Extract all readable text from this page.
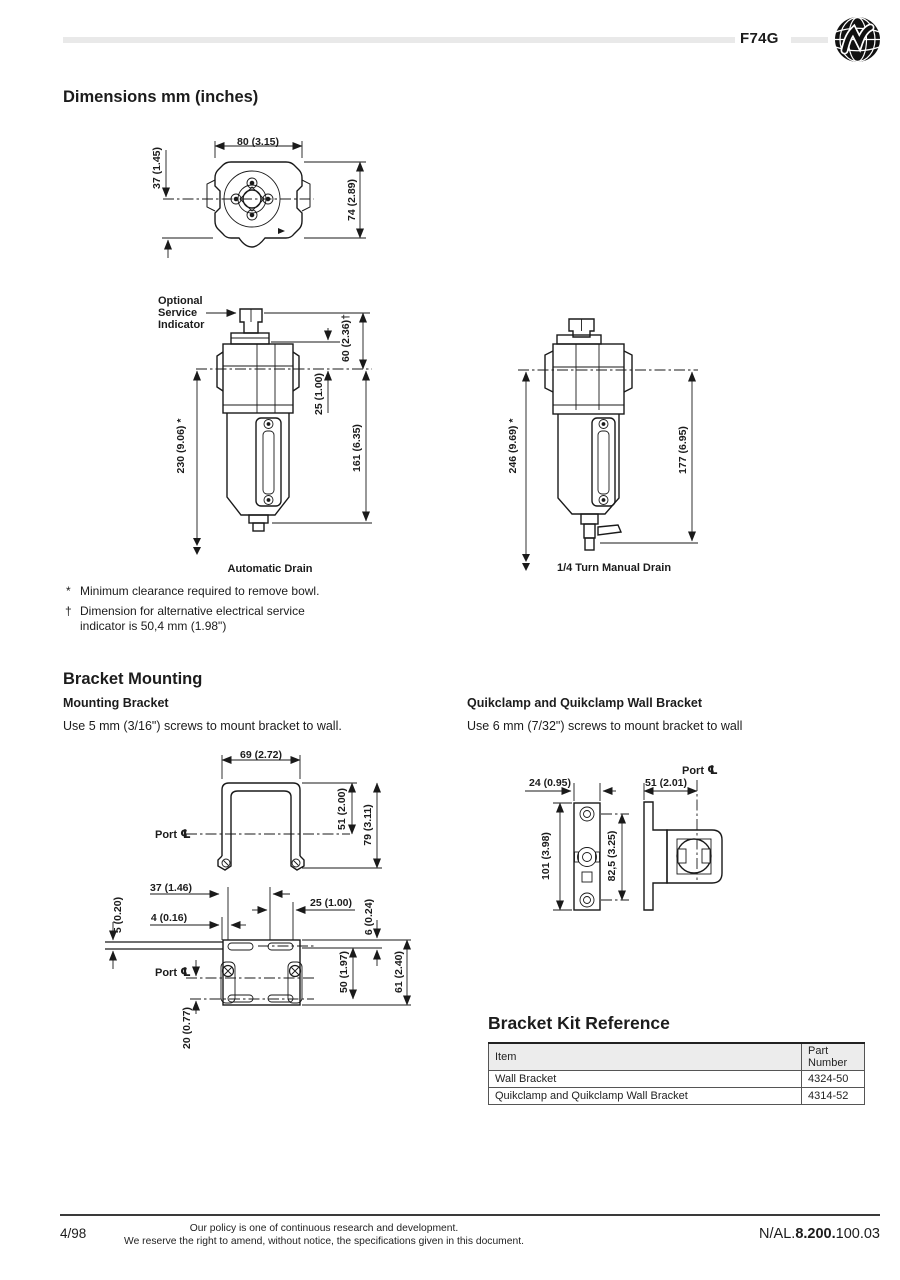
F74G
Dimensions mm (inches)
80 (3.15)
37 (1.45)
74 (2.89)
Optional
Service
Indicator	60 (2.36)†
25 (1.00)
161 (6.35)
230 (9.06) *
Automatic Drain
246 (9.69) *	177 (6.95)
1/4 Turn Manual Drain
* Minimum clearance required to remove bowl.
† Dimension for alternative electrical service
indicator is 50,4 mm (1.98")
Bracket Mounting
Mounting Bracket
Use 5 mm (3/16") screws to mount bracket to wall.
Quikclamp and Quikclamp Wall Bracket
Use 6 mm (7/32") screws to mount bracket to wall
69 (2.72)
51 (2.00) 79 (3.11)
Port ℄
37 (1.46)
4 (0.16)
5 (0.20)	25 (1.00) 6 (0.24)
50 (1.97)	61 (2.40)
20 (0.77)
Port ℄
24 (0.95)	51 (2.01)
101 (3.98)	82,5 (3.25)
Port ℄
Bracket Kit Reference
Item	Part Number
Wall Bracket	4324-50
Quikclamp and Quikclamp Wall Bracket	4314-52
4/98	Our policy is one of continuous research and development.
We reserve the right to amend, without notice, the specifications given in this document.	N/AL.8.200.100.03
